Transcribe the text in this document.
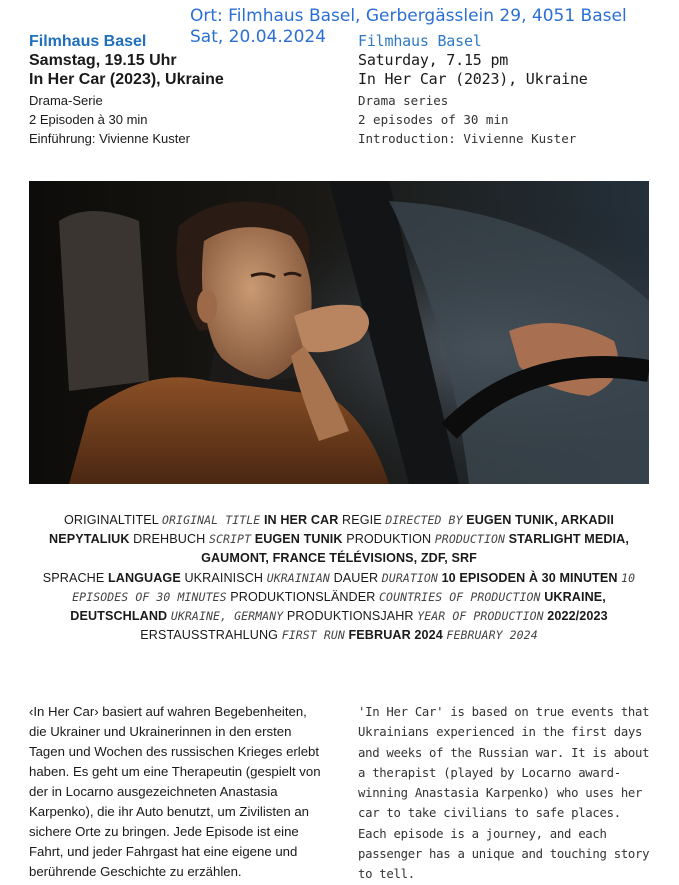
Ort: Filmhaus Basel, Gerbergässlein 29, 4051 Basel
Sat, 20.04.2024
Filmhaus Basel
Samstag, 19.15 Uhr
In Her Car (2023), Ukraine
Drama-Serie
2 Episoden à 30 min
Einführung: Vivienne Kuster
Filmhaus Basel
Saturday, 7.15 pm
In Her Car (2023), Ukraine
Drama series
2 episodes of 30 min
Introduction: Vivienne Kuster
ORIGINALTITEL ORIGINAL TITLE IN HER CAR REGIE DIRECTED BY EUGEN TUNIK, ARKADII NEPYTALIUK DREHBUCH SCRIPT EUGEN TUNIK PRODUKTION PRODUCTION STARLIGHT MEDIA, GAUMONT, FRANCE TÉLÉVISIONS, ZDF, SRF
SPRACHE LANGUAGE UKRAINISCH UKRAINIAN DAUER DURATION 10 EPISODEN À 30 MINUTEN 10 EPISODES OF 30 MINUTES PRODUKTIONSLÄNDER COUNTRIES OF PRODUCTION UKRAINE, DEUTSCHLAND UKRAINE, GERMANY PRODUKTIONSJAHR YEAR OF PRODUCTION 2022/2023 ERSTAUSSTRAHLUNG FIRST RUN FEBRUAR 2024 FEBRUARY 2024
‹In Her Car› basiert auf wahren Begebenheiten, die Ukrainer und Ukrainerinnen in den ersten Tagen und Wochen des russischen Krieges erlebt haben. Es geht um eine Therapeutin (gespielt von der in Locarno ausgezeichneten Anastasia Karpenko), die ihr Auto benutzt, um Zivilisten an sichere Orte zu bringen. Jede Episode ist eine Fahrt, und jeder Fahrgast hat eine eigene und berührende Geschichte zu erzählen.
'In Her Car' is based on true events that Ukrainians experienced in the first days and weeks of the Russian war. It is about a therapist (played by Locarno award-winning Anastasia Karpenko) who uses her car to take civilians to safe places. Each episode is a journey, and each passenger has a unique and touching story to tell.
